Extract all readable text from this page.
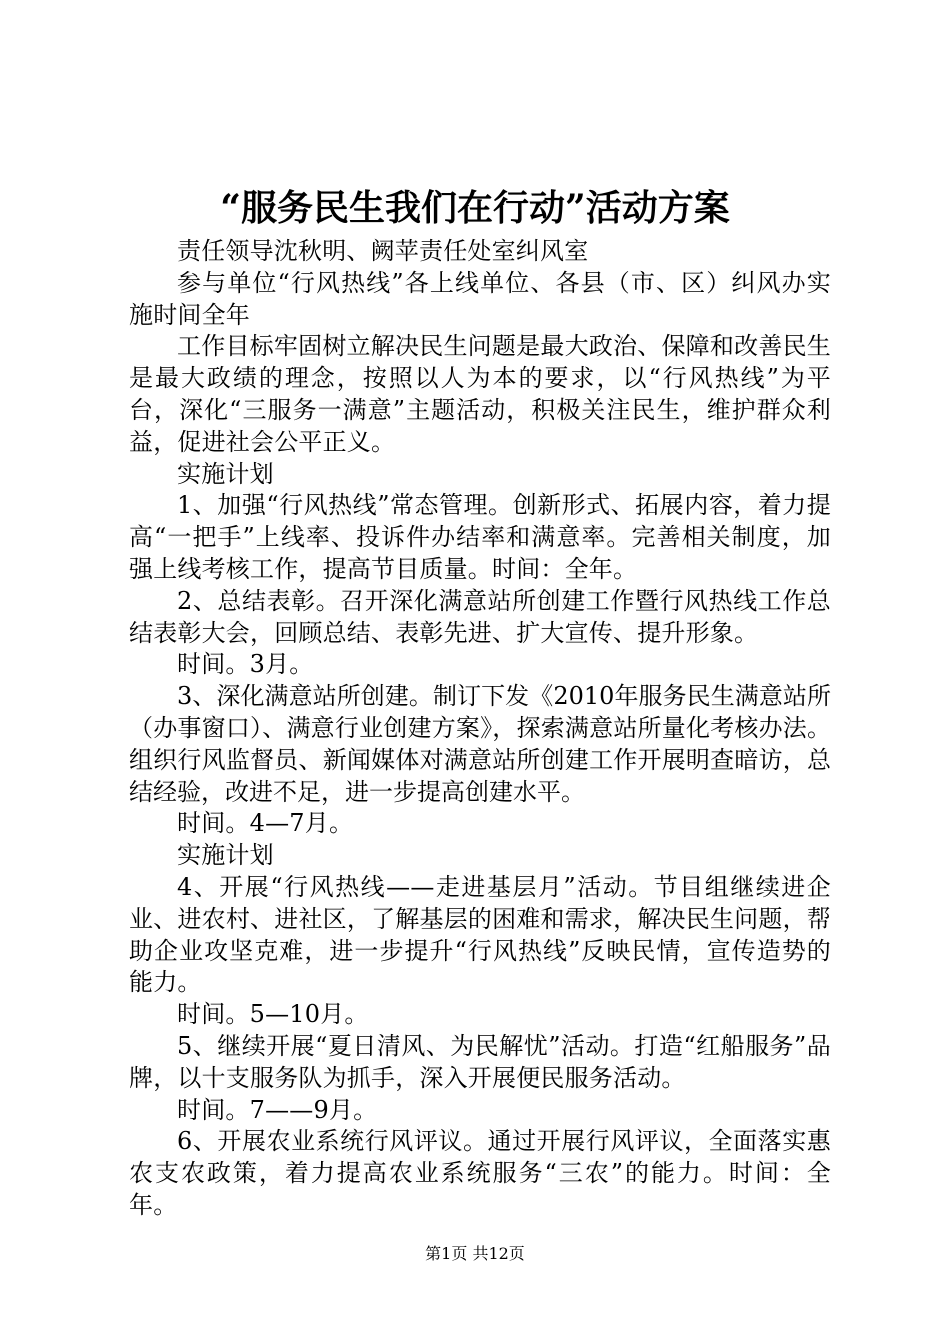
“服务民生我们在行动”活动方案

责任领导沈秋明、阙苹责任处室纠风室

参与单位“行风热线”各上线单位、各县（市、区）纠风办实施时间全年

工作目标牢固树立解决民生问题是最大政治、保障和改善民生是最大政绩的理念，按照以人为本的要求，以“行风热线”为平台，深化“三服务一满意”主题活动，积极关注民生，维护群众利益，促进社会公平正义。

实施计划

1、加强“行风热线”常态管理。创新形式、拓展内容，着力提高“一把手”上线率、投诉件办结率和满意率。完善相关制度，加强上线考核工作，提高节目质量。时间：全年。

2、总结表彰。召开深化满意站所创建工作暨行风热线工作总结表彰大会，回顾总结、表彰先进、扩大宣传、提升形象。

时间。3月。

3、深化满意站所创建。制订下发《2010年服务民生满意站所（办事窗口）、满意行业创建方案》，探索满意站所量化考核办法。组织行风监督员、新闻媒体对满意站所创建工作开展明查暗访，总结经验，改进不足，进一步提高创建水平。

时间。4—7月。

实施计划

4、开展“行风热线——走进基层月”活动。节目组继续进企业、进农村、进社区，了解基层的困难和需求，解决民生问题，帮助企业攻坚克难，进一步提升“行风热线”反映民情，宣传造势的能力。

时间。5—10月。

5、继续开展“夏日清风、为民解忧”活动。打造“红船服务”品牌，以十支服务队为抓手，深入开展便民服务活动。

时间。7——9月。

6、开展农业系统行风评议。通过开展行风评议，全面落实惠农支农政策，着力提高农业系统服务“三农”的能力。时间：全年。

第1页 共12页
